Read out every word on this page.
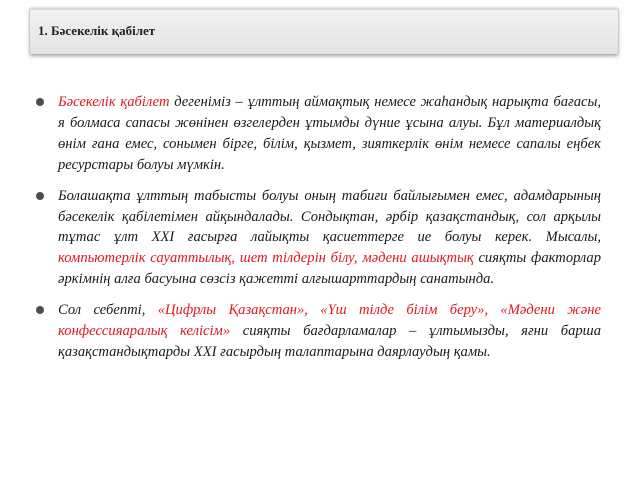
1. Бәсекелік қабілет

Бәсекелік қабілет дегеніміз – ұлттың аймақтық немесе жаһандық нарықта бағасы, я болмаса сапасы жөнінен өзгелерден ұтымды дүние ұсына алуы. Бұл материалдық өнім ғана емес, сонымен бірге, білім, қызмет, зияткерлік өнім немесе сапалы еңбек ресурстары болуы мүмкін.

Болашақта ұлттың табысты болуы оның табиғи байлығымен емес, адамдарының бәсекелік қабілетімен айқындалады. Сондықтан, әрбір қазақстандық, сол арқылы тұтас ұлт XXI ғасырға лайықты қасиеттерге ие болуы керек. Мысалы, компьютерлік сауаттылық, шет тілдерін білу, мәдени ашықтық сияқты факторлар әркімнің алға басуына сөзсіз қажетті алғышарттардың санатында.

Сол себепті, «Цифрлы Қазақстан», «Үш тілде білім беру», «Мәдени және конфессияаралық келісім» сияқты бағдарламалар – ұлтымызды, яғни барша қазақстандықтарды XXI ғасырдың талаптарына даярлаудың қамы.
